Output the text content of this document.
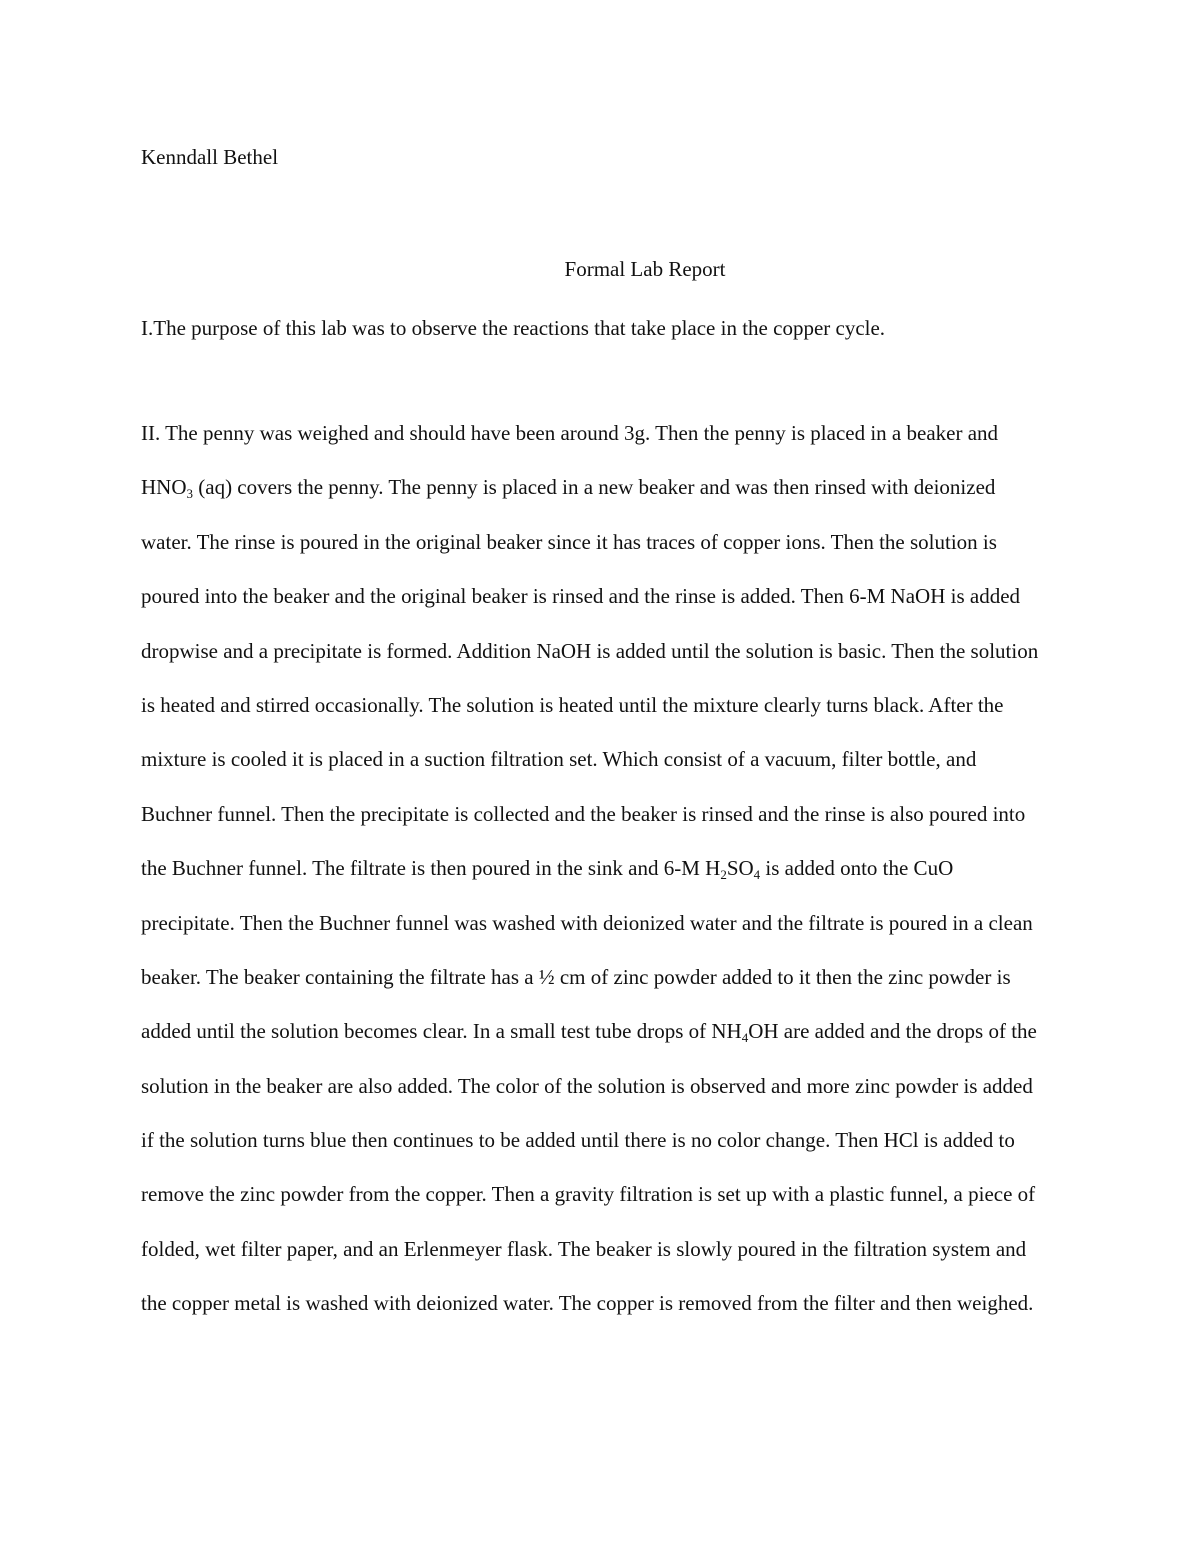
Kenndall Bethel
Formal Lab Report
I.The purpose of this lab was to observe the reactions that take place in the copper cycle.
II. The penny was weighed and should have been around 3g. Then the penny is placed in a beaker and
$HNO_3$ (aq) covers the penny. The penny is placed in a new beaker and was then rinsed with deionized
water. The rinse is poured in the original beaker since it has traces of copper ions. Then the solution is
poured into the beaker and the original beaker is rinsed and the rinse is added. Then 6-M NaOH is added
dropwise and a precipitate is formed. Addition NaOH is added until the solution is basic. Then the solution
is heated and stirred occasionally. The solution is heated until the mixture clearly turns black. After the
mixture is cooled it is placed in a suction filtration set. Which consist of a vacuum, filter bottle, and
Buchner funnel. Then the precipitate is collected and the beaker is rinsed and the rinse is also poured into
the Buchner funnel. The filtrate is then poured in the sink and 6-M $H_2SO_4$ is added onto the CuO
precipitate. Then the Buchner funnel was washed with deionized water and the filtrate is poured in a clean
beaker. The beaker containing the filtrate has a ½ cm of zinc powder added to it then the zinc powder is
added until the solution becomes clear. In a small test tube drops of $NH_4OH$ are added and the drops of the
solution in the beaker are also added. The color of the solution is observed and more zinc powder is added
if the solution turns blue then continues to be added until there is no color change. Then HCl is added to
remove the zinc powder from the copper. Then a gravity filtration is set up with a plastic funnel, a piece of
folded, wet filter paper, and an Erlenmeyer flask. The beaker is slowly poured in the filtration system and
the copper metal is washed with deionized water. The copper is removed from the filter and then weighed.
